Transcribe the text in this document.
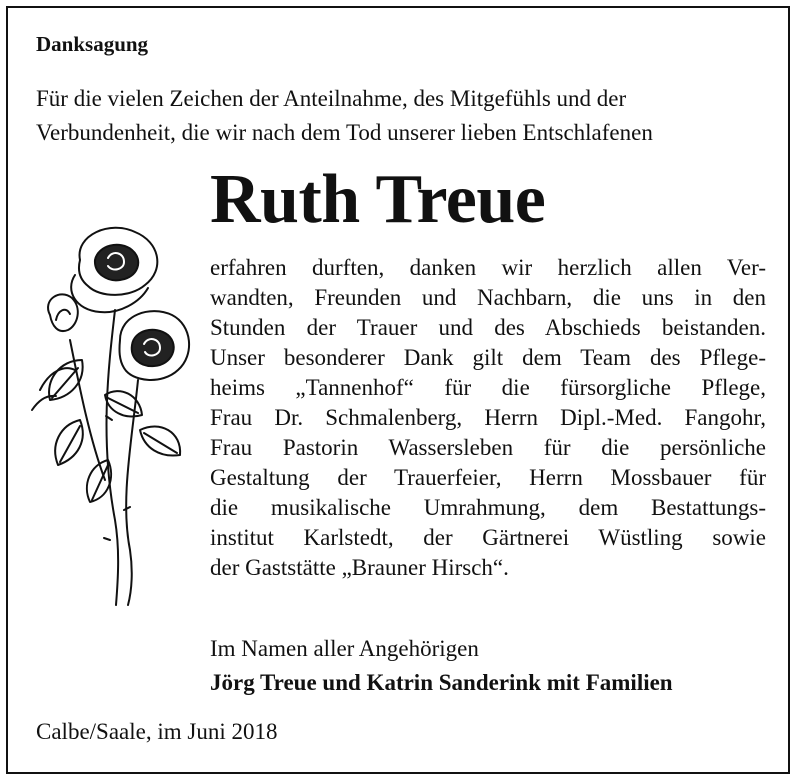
Danksagung

Für die vielen Zeichen der Anteilnahme, des Mitgefühls und der
Verbundenheit, die wir nach dem Tod unserer lieben Entschlafenen

Ruth Treue

erfahren durften, danken wir herzlich allen Ver-
wandten, Freunden und Nachbarn, die uns in den
Stunden der Trauer und des Abschieds beistanden.
Unser besonderer Dank gilt dem Team des Pflege-
heims „Tannenhof“ für die fürsorgliche Pflege,
Frau Dr. Schmalenberg, Herrn Dipl.-Med. Fangohr,
Frau Pastorin Wassersleben für die persönliche
Gestaltung der Trauerfeier, Herrn Mossbauer für
die musikalische Umrahmung, dem Bestattungs-
institut Karlstedt, der Gärtnerei Wüstling sowie
der Gaststätte „Brauner Hirsch“.

Im Namen aller Angehörigen

Jörg Treue und Katrin Sanderink mit Familien

Calbe/Saale, im Juni 2018
